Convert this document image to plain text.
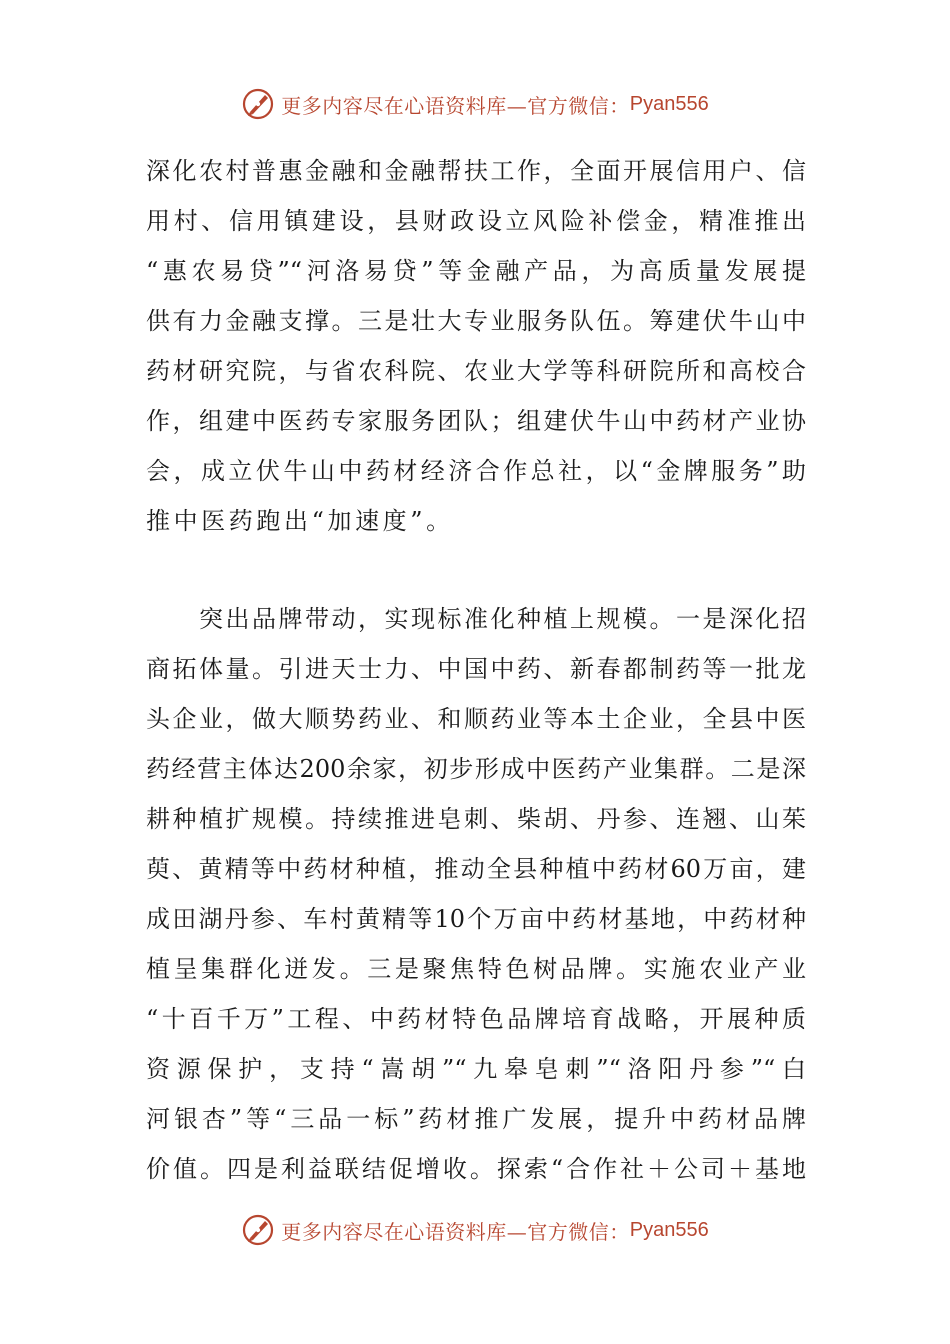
更多内容尽在心语资料库—官方微信： Pyan556
深化农村普惠金融和金融帮扶工作，全面开展信用户、信
用村、信用镇建设，县财政设立风险补偿金，精准推出
“惠农易贷”“河洛易贷”等金融产品，为高质量发展提
供有力金融支撑。三是壮大专业服务队伍。筹建伏牛山中
药材研究院，与省农科院、农业大学等科研院所和高校合
作，组建中医药专家服务团队；组建伏牛山中药材产业协
会，成立伏牛山中药材经济合作总社，以“金牌服务”助
推中医药跑出“加速度”。
　　突出品牌带动，实现标准化种植上规模。一是深化招
商拓体量。引进天士力、中国中药、新春都制药等一批龙
头企业，做大顺势药业、和顺药业等本土企业，全县中医
药经营主体达200余家，初步形成中医药产业集群。二是深
耕种植扩规模。持续推进皂刺、柴胡、丹参、连翘、山茱
萸、黄精等中药材种植，推动全县种植中药材60万亩，建
成田湖丹参、车村黄精等10个万亩中药材基地，中药材种
植呈集群化迸发。三是聚焦特色树品牌。实施农业产业
“十百千万”工程、中药材特色品牌培育战略，开展种质
资源保护，支持“嵩胡”“九皋皂刺”“洛阳丹参”“白
河银杏”等“三品一标”药材推广发展，提升中药材品牌
价值。四是利益联结促增收。探索“合作社＋公司＋基地
更多内容尽在心语资料库—官方微信： Pyan556
